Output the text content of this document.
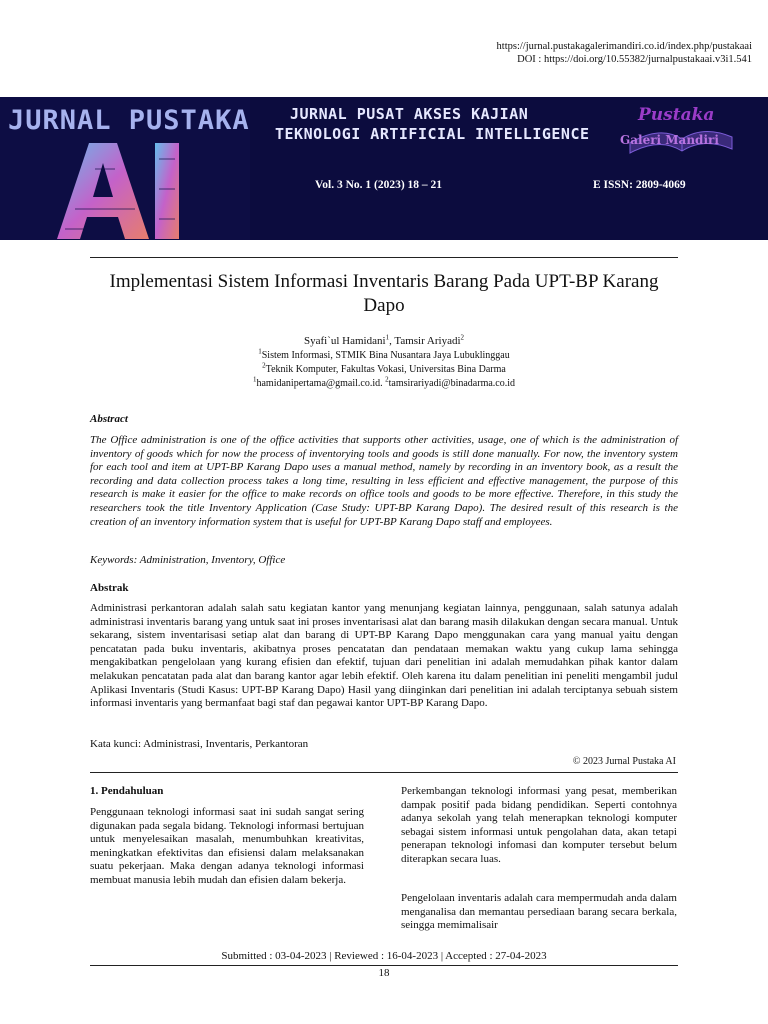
https://jurnal.pustakagalerimandiri.co.id/index.php/pustakaai
DOI : https://doi.org/10.55382/jurnalpustakaai.v3i1.541
JURNAL PUSTAKA
AI
JURNAL PUSAT AKSES KAJIAN
TEKNOLOGI ARTIFICIAL INTELLIGENCE
Pustaka
Galeri Mandiri
Vol. 3 No. 1 (2023) 18 – 21	E ISSN: 2809-4069
Implementasi Sistem Informasi Inventaris Barang Pada UPT-BP Karang
Dapo
Syafi`ul Hamidani$^1$, Tamsir Ariyadi$^2$
$^1$Sistem Informasi, STMIK Bina Nusantara Jaya Lubuklinggau
$^2$Teknik Komputer, Fakultas Vokasi, Universitas Bina Darma
$^1$hamidanipertama@gmail.co.id. $^2$tamsirariyadi@binadarma.co.id
Abstract
The Office administration is one of the office activities that supports other activities, usage, one of which is the administration of inventory of goods which for now the process of inventorying tools and goods is still done manually. For now, the inventory system for each tool and item at UPT-BP Karang Dapo uses a manual method, namely by recording in an inventory book, as a result the recording and data collection process takes a long time, resulting in less efficient and effective management, the purpose of this research is make it easier for the office to make records on office tools and goods to be more effective. Therefore, in this study the researchers took the title Inventory Application (Case Study: UPT-BP Karang Dapo). The desired result of this research is the creation of an inventory information system that is useful for UPT-BP Karang Dapo staff and employees.
Keywords: Administration, Inventory, Office
Abstrak
Administrasi perkantoran adalah salah satu kegiatan kantor yang menunjang kegiatan lainnya, penggunaan, salah satunya adalah administrasi inventaris barang yang untuk saat ini proses inventarisasi alat dan barang masih dilakukan dengan secara manual. Untuk sekarang, sistem inventarisasi setiap alat dan barang di UPT-BP Karang Dapo menggunakan cara yang manual yaitu dengan pencatatan pada buku inventaris, akibatnya proses pencatatan dan pendataan memakan waktu yang cukup lama sehingga mengakibatkan pengelolaan yang kurang efisien dan efektif, tujuan dari penelitian ini adalah memudahkan pihak kantor dalam melakukan pencatatan pada alat dan barang kantor agar lebih efektif. Oleh karena itu dalam penelitian ini peneliti mengambil judul Aplikasi Inventaris (Studi Kasus: UPT-BP Karang Dapo) Hasil yang diinginkan dari penelitian ini adalah terciptanya sebuah sistem informasi inventaris yang bermanfaat bagi staf dan pegawai kantor UPT-BP Karang Dapo.
Kata kunci: Administrasi, Inventaris, Perkantoran
© 2023 Jurnal Pustaka AI
1. Pendahuluan
Penggunaan teknologi informasi saat ini sudah sangat sering digunakan pada segala bidang. Teknologi informasi bertujuan untuk menyelesaikan masalah, menumbuhkan kreativitas, meningkatkan efektivitas dan efisiensi dalam melaksanakan suatu pekerjaan. Maka dengan adanya teknologi informasi membuat manusia lebih mudah dan efisien dalam bekerja.
Perkembangan teknologi informasi yang pesat, memberikan dampak positif pada bidang pendidikan. Seperti contohnya adanya sekolah yang telah menerapkan teknologi komputer sebagai sistem informasi untuk pengolahan data, akan tetapi penerapan teknologi infomasi dan komputer tersebut belum diterapkan secara luas.
Pengelolaan inventaris adalah cara mempermudah anda dalam menganalisa dan memantau persediaan barang secara berkala, seingga memimalisair
Submitted : 03-04-2023 | Reviewed : 16-04-2023 | Accepted : 27-04-2023
18
